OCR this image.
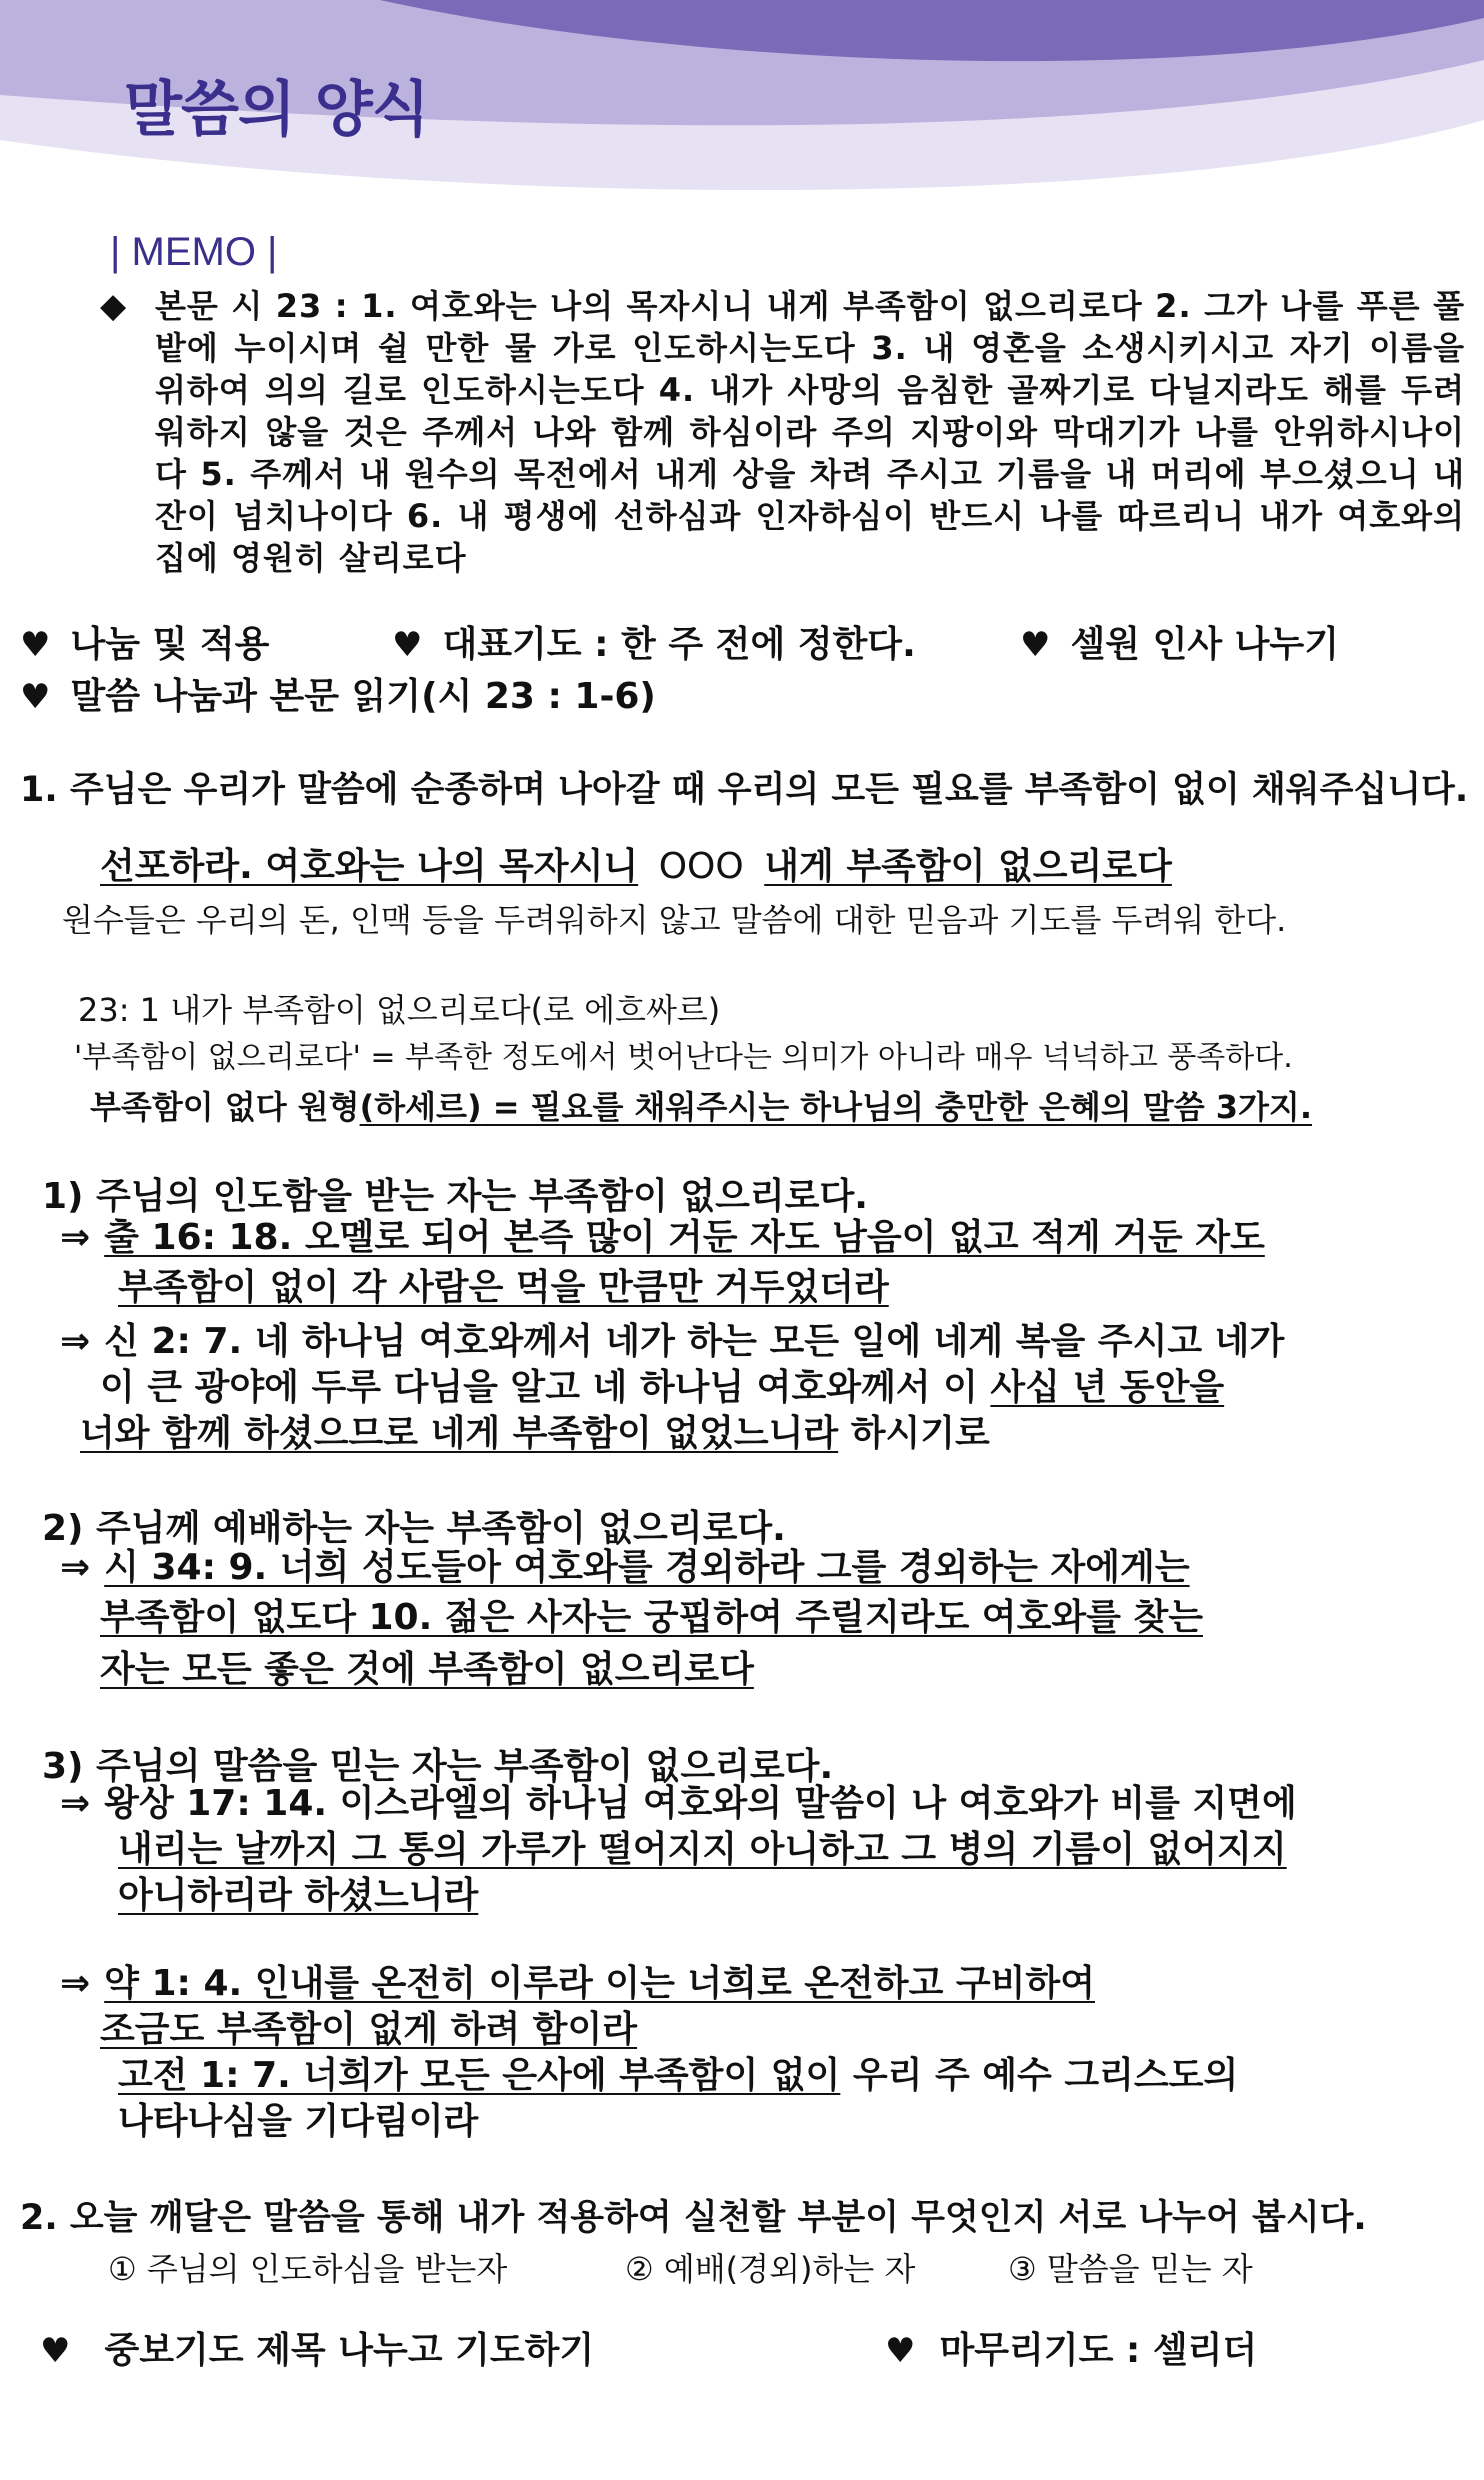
말씀의 양식
| MEMO |
◆ 본문 시 23 : 1. 여호와는 나의 목자시니 내게 부족함이 없으리로다 2. 그가 나를 푸른 풀밭에 누이시며 쉴 만한 물 가로 인도하시는도다 3. 내 영혼을 소생시키시고 자기 이름을 위하여 의의 길로 인도하시는도다 4. 내가 사망의 음침한 골짜기로 다닐지라도 해를 두려워하지 않을 것은 주께서 나와 함께 하심이라 주의 지팡이와 막대기가 나를 안위하시나이다 5. 주께서 내 원수의 목전에서 내게 상을 차려 주시고 기름을 내 머리에 부으셨으니 내 잔이 넘치나이다 6. 내 평생에 선하심과 인자하심이 반드시 나를 따르리니 내가 여호와의 집에 영원히 살리로다
♥ 나눔 및 적용	♥ 대표기도 : 한 주 전에 정한다.	♥ 셀원 인사 나누기
♥ 말씀 나눔과 본문 읽기(시 23 : 1-6)
1. 주님은 우리가 말씀에 순종하며 나아갈 때 우리의 모든 필요를 부족함이 없이 채워주십니다.
선포하라. 여호와는 나의 목자시니 OOO 내게 부족함이 없으리로다
원수들은 우리의 돈, 인맥 등을 두려워하지 않고 말씀에 대한 믿음과 기도를 두려워 한다.
23: 1 내가 부족함이 없으리로다(로 에흐싸르)
'부족함이 없으리로다' = 부족한 정도에서 벗어난다는 의미가 아니라 매우 넉넉하고 풍족하다.
부족함이 없다 원형(하세르) = 필요를 채워주시는 하나님의 충만한 은혜의 말씀 3가지.
1) 주님의 인도함을 받는 자는 부족함이 없으리로다.
⇒ 출 16: 18. 오멜로 되어 본즉 많이 거둔 자도 남음이 없고 적게 거둔 자도
부족함이 없이 각 사람은 먹을 만큼만 거두었더라
⇒ 신 2: 7. 네 하나님 여호와께서 네가 하는 모든 일에 네게 복을 주시고 네가
이 큰 광야에 두루 다님을 알고 네 하나님 여호와께서 이 사십 년 동안을
너와 함께 하셨으므로 네게 부족함이 없었느니라 하시기로
2) 주님께 예배하는 자는 부족함이 없으리로다.
⇒ 시 34: 9. 너희 성도들아 여호와를 경외하라 그를 경외하는 자에게는
부족함이 없도다 10. 젊은 사자는 궁핍하여 주릴지라도 여호와를 찾는
자는 모든 좋은 것에 부족함이 없으리로다
3) 주님의 말씀을 믿는 자는 부족함이 없으리로다.
⇒ 왕상 17: 14. 이스라엘의 하나님 여호와의 말씀이 나 여호와가 비를 지면에
내리는 날까지 그 통의 가루가 떨어지지 아니하고 그 병의 기름이 없어지지
아니하리라 하셨느니라
⇒ 약 1: 4. 인내를 온전히 이루라 이는 너희로 온전하고 구비하여
조금도 부족함이 없게 하려 함이라
고전 1: 7. 너희가 모든 은사에 부족함이 없이 우리 주 예수 그리스도의
나타나심을 기다림이라
2. 오늘 깨달은 말씀을 통해 내가 적용하여 실천할 부분이 무엇인지 서로 나누어 봅시다.
① 주님의 인도하심을 받는자	② 예배(경외)하는 자	③ 말씀을 믿는 자
♥ 중보기도 제목 나누고 기도하기	♥ 마무리기도 : 셀리더
